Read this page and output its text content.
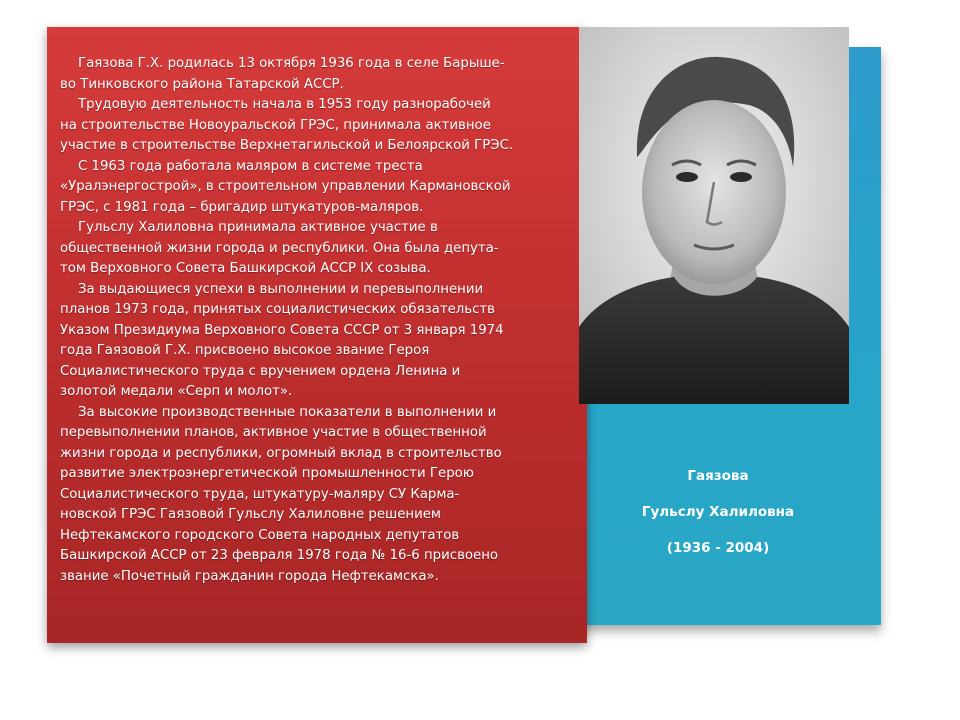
Гаязова Г.Х. родилась 13 октября 1936 года в селе Барыше-
во Тинковского района Татарской АССР.
Трудовую деятельность начала в 1953 году разнорабочей
на строительстве Новоуральской ГРЭС, принимала активное
участие в строительстве Верхнетагильской и Белоярской ГРЭС.
С 1963 года работала маляром в системе треста
«Уралэнергострой», в строительном управлении Кармановской
ГРЭС, с 1981 года – бригадир штукатуров-маляров.
Гульслу Халиловна принимала активное участие в
общественной жизни города и республики. Она была депута-
том Верховного Совета Башкирской АССР IX созыва.
За выдающиеся успехи в выполнении и перевыполнении
планов 1973 года, принятых социалистических обязательств
Указом Президиума Верховного Совета СССР от 3 января 1974
года Гаязовой Г.Х. присвоено высокое звание Героя
Социалистического труда с вручением ордена Ленина и
золотой медали «Серп и молот».
За высокие производственные показатели в выполнении и
перевыполнении планов, активное участие в общественной
жизни города и республики, огромный вклад в строительство
развитие электроэнергетической промышленности Герою
Социалистического труда, штукатуру-маляру СУ Карма-
новской ГРЭС Гаязовой Гульслу Халиловне решением
Нефтекамского городского Совета народных депутатов
Башкирской АССР от 23 февраля 1978 года № 16-6 присвоено
звание «Почетный гражданин города Нефтекамска».
Гаязова
Гульслу Халиловна
(1936 - 2004)
